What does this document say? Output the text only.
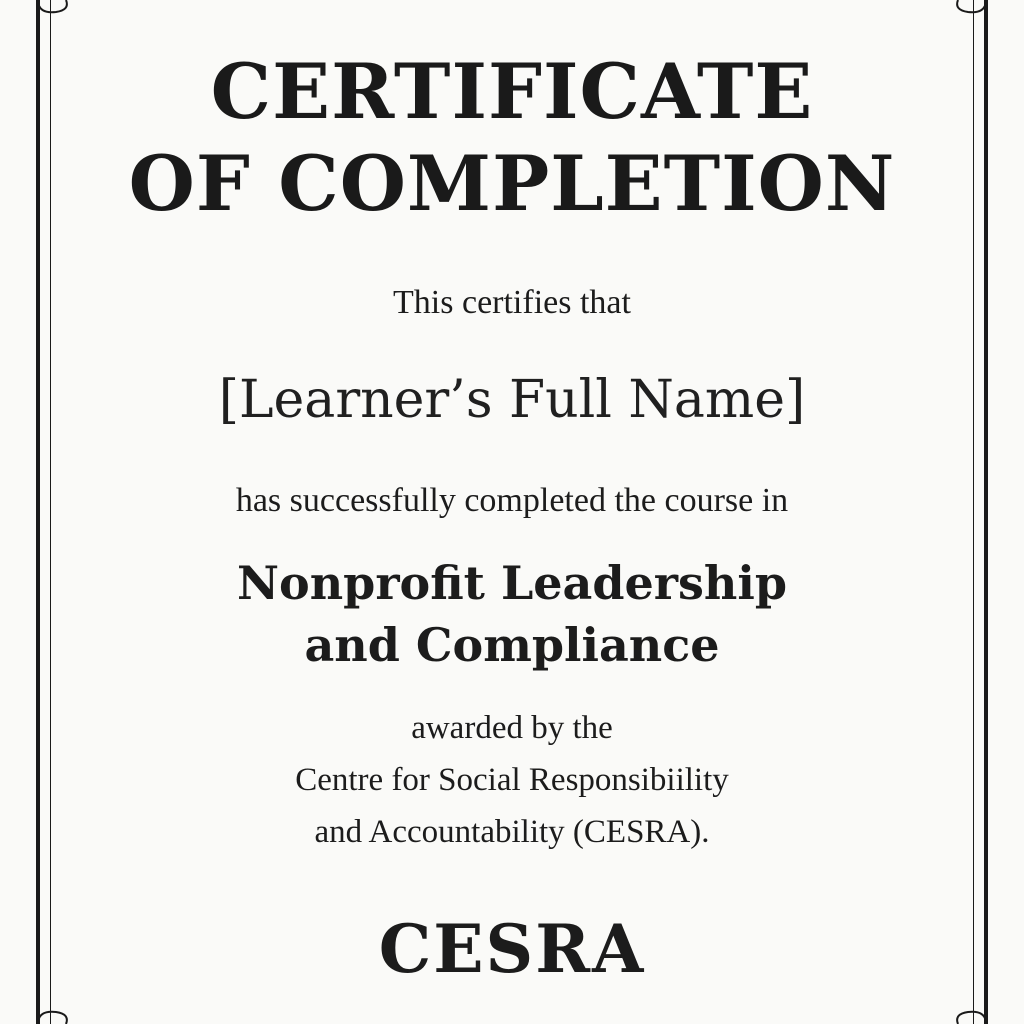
CERTIFICATE
OF COMPLETION
This certifies that
[Learner’s Full Name]
has successfully completed the course in
Nonprofit Leadership
and Compliance
awarded by the
Centre for Social Responsibiility
and Accountability (CESRA).
CESRA
